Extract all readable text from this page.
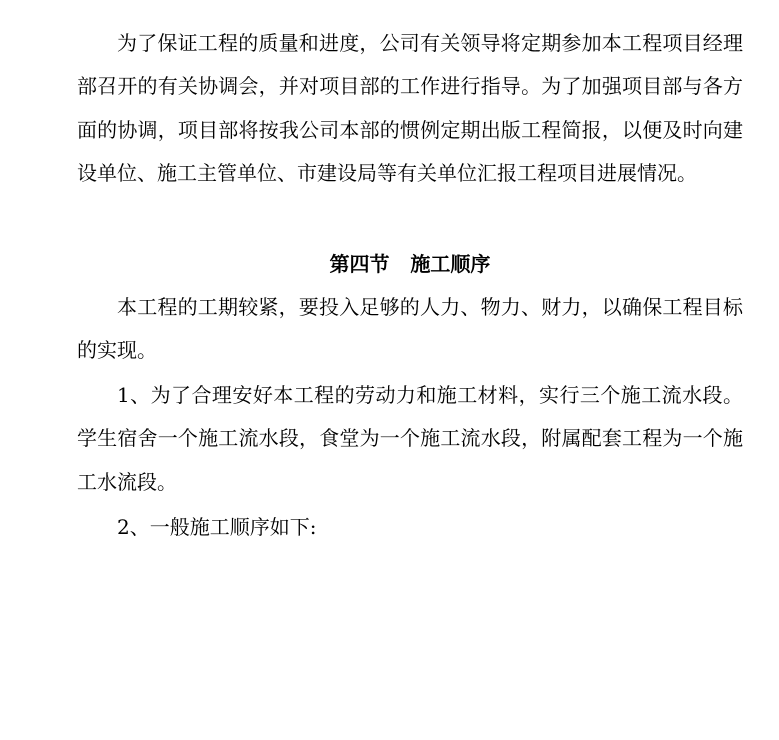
为了保证工程的质量和进度，公司有关领导将定期参加本工程项目经理部召开的有关协调会，并对项目部的工作进行指导。为了加强项目部与各方面的协调，项目部将按我公司本部的惯例定期出版工程简报，以便及时向建设单位、施工主管单位、市建设局等有关单位汇报工程项目进展情况。

第四节   施工顺序

本工程的工期较紧，要投入足够的人力、物力、财力，以确保工程目标的实现。

1、为了合理安好本工程的劳动力和施工材料，实行三个施工流水段。学生宿舍一个施工流水段，食堂为一个施工流水段，附属配套工程为一个施工水流段。

2、一般施工顺序如下:
